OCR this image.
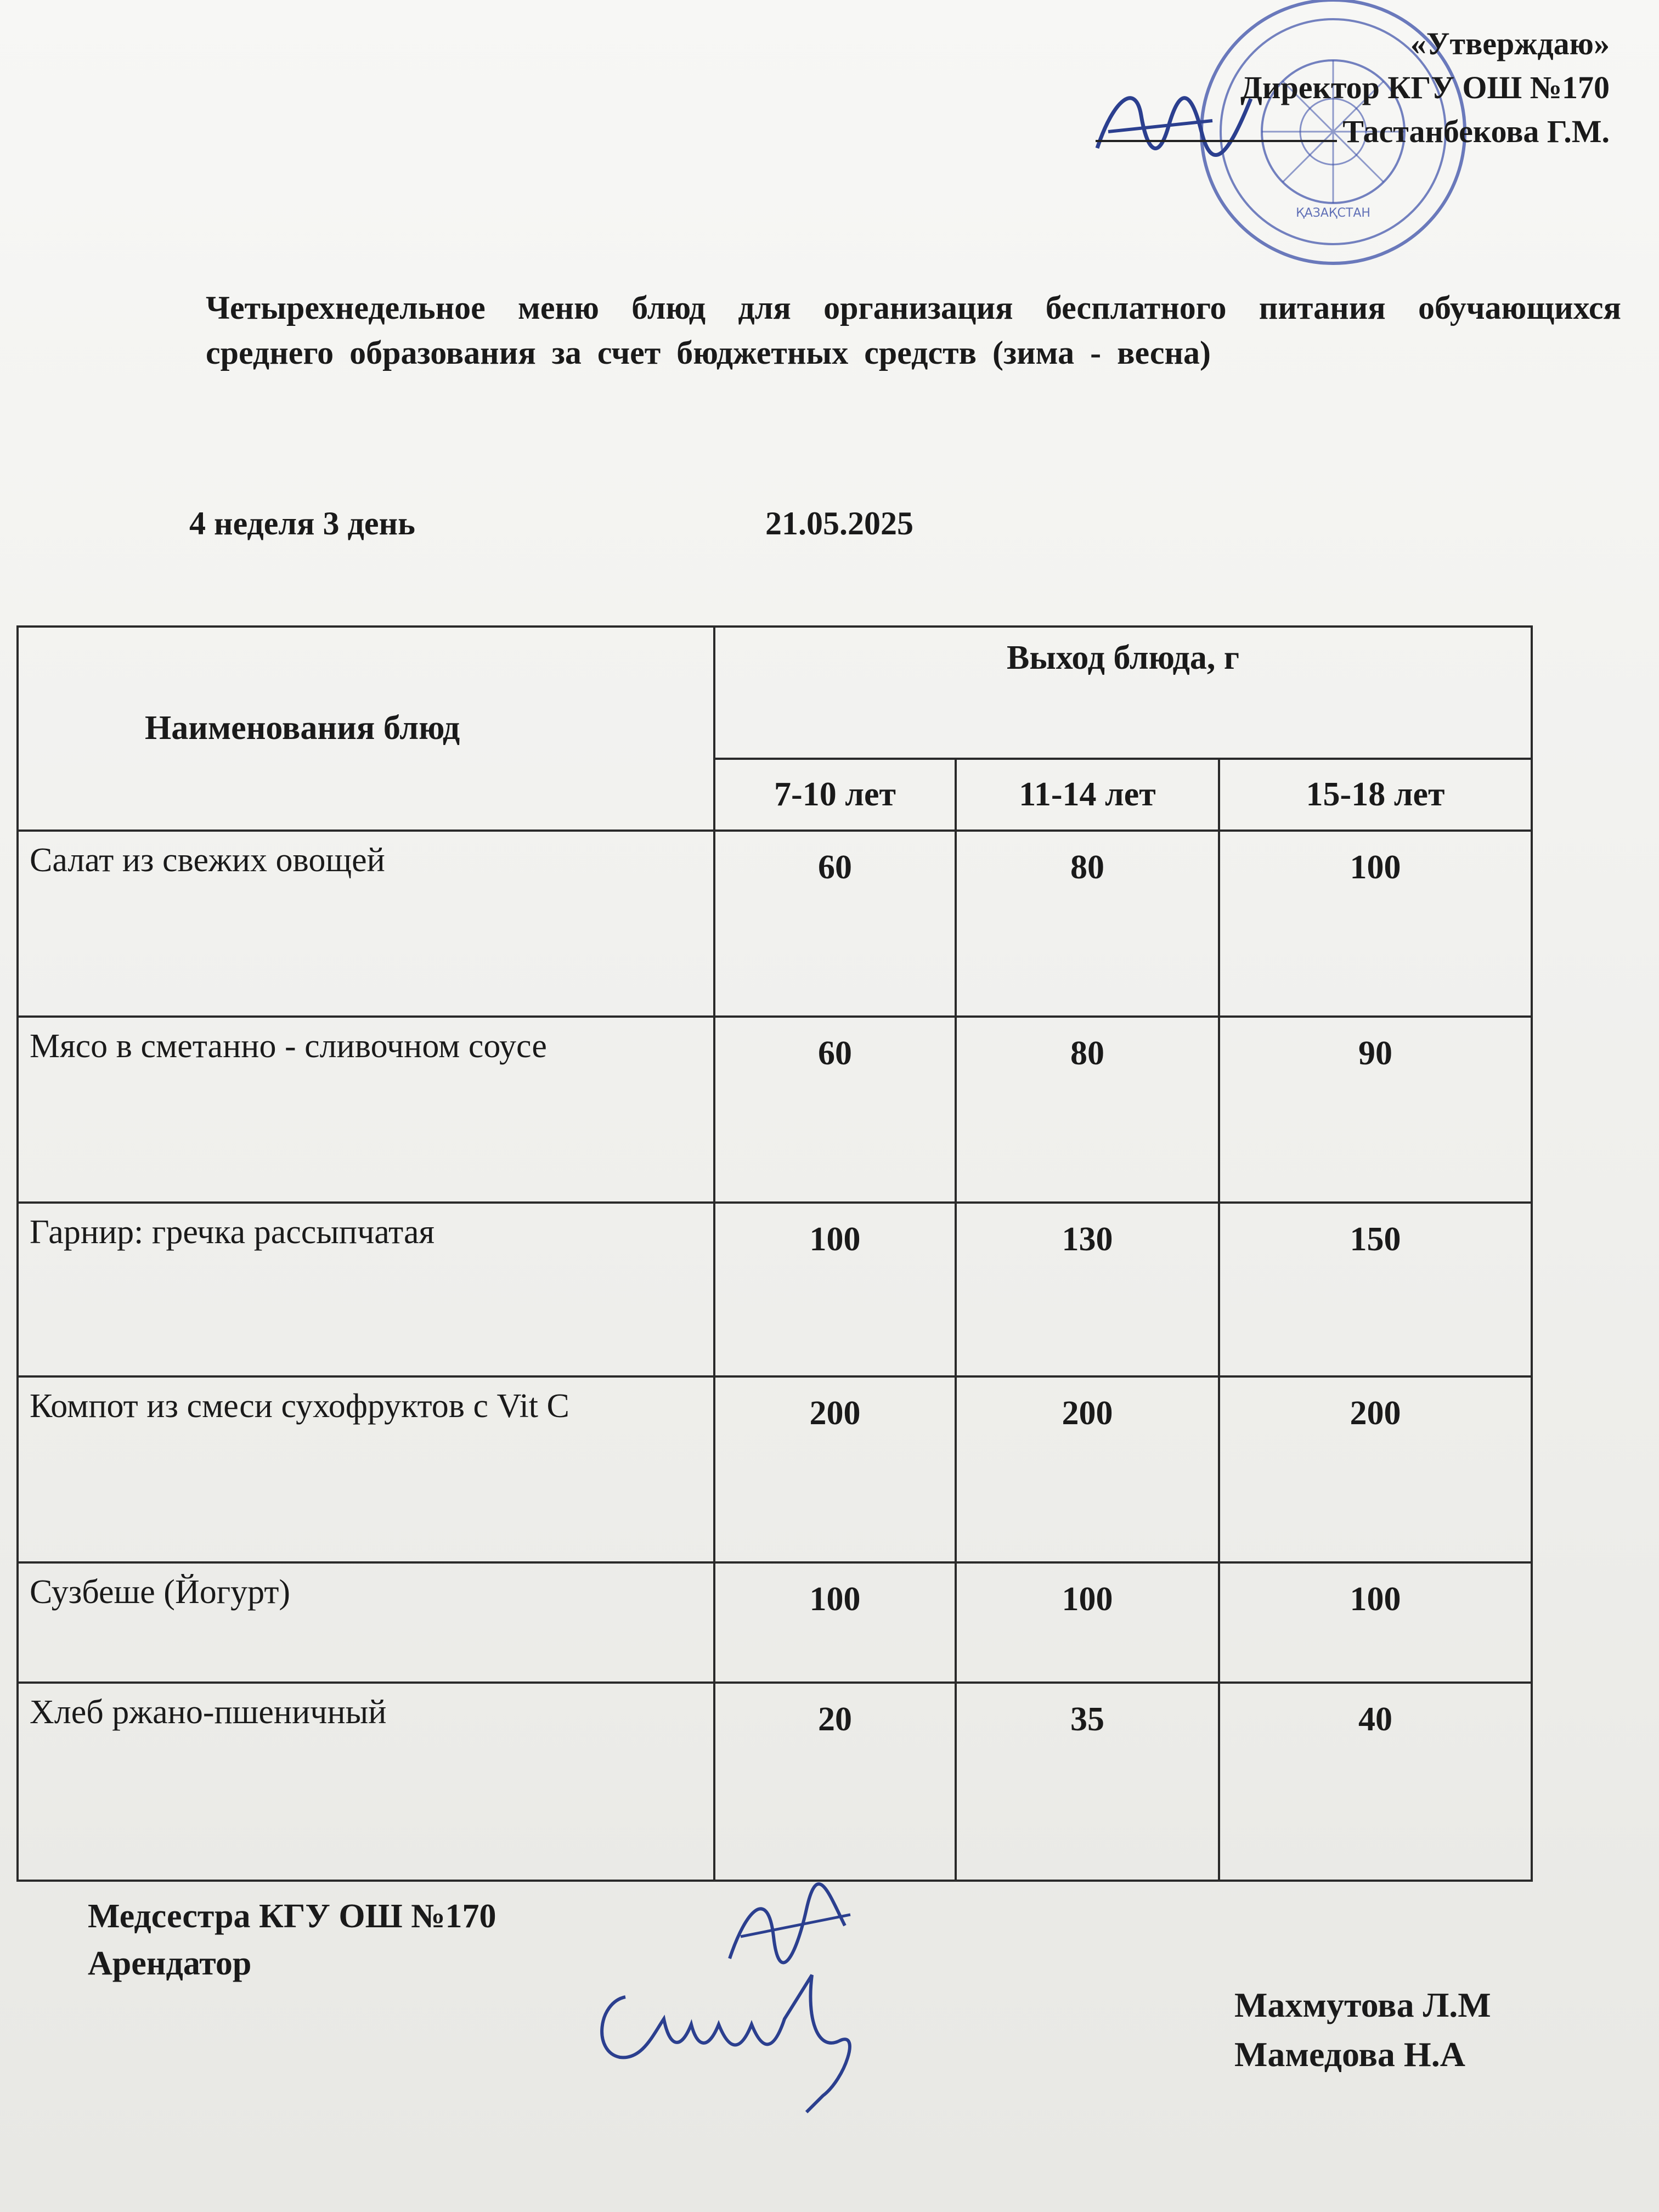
ҚАЗАҚСТАН
«Утверждаю»
Директор КГУ ОШ №170
Тастанбекова Г.М.
Четырехнедельное меню блюд для организация бесплатного питания обучающихся среднего образования за счет бюджетных средств (зима - весна)
4 неделя 3 день	21.05.2025
Наименования блюд	Выход блюда, г		
	7-10 лет	11-14 лет	15-18 лет
Салат из свежих овощей	60	80	100
Мясо в сметанно - сливочном соусе	60	80	90
Гарнир: гречка рассыпчатая	100	130	150
Компот из смеси сухофруктов с Vit C	200	200	200
Сузбеше (Йогурт)	100	100	100
Хлеб ржано-пшеничный	20	35	40
Медсестра КГУ ОШ №170
Арендатор
Махмутова Л.М
Мамедова Н.А
